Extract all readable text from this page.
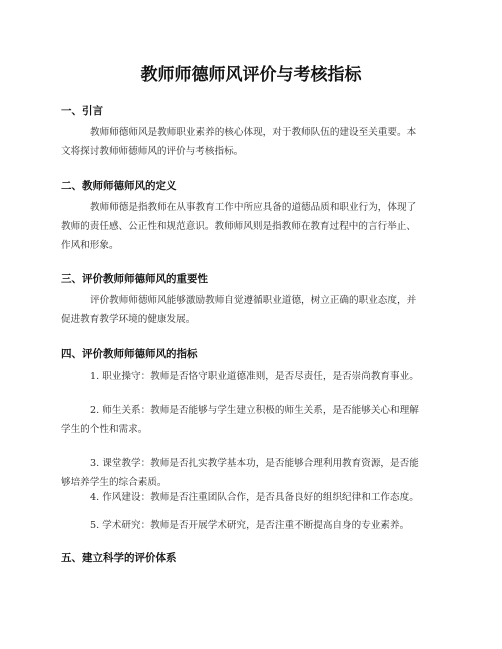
教师师德师风评价与考核指标
一、引言
教师师德师风是教师职业素养的核心体现，对于教师队伍的建设至关重要。本
文将探讨教师师德师风的评价与考核指标。
二、教师师德师风的定义
教师师德是指教师在从事教育工作中所应具备的道德品质和职业行为，体现了
教师的责任感、公正性和规范意识。教师师风则是指教师在教育过程中的言行举止、
作风和形象。
三、评价教师师德师风的重要性
评价教师师德师风能够激励教师自觉遵循职业道德，树立正确的职业态度，并
促进教育教学环境的健康发展。
四、评价教师师德师风的指标
1. 职业操守：教师是否恪守职业道德准则，是否尽责任，是否崇尚教育事业。
2. 师生关系：教师是否能够与学生建立积极的师生关系，是否能够关心和理解
学生的个性和需求。
3. 课堂教学：教师是否扎实教学基本功，是否能够合理利用教育资源，是否能
够培养学生的综合素质。
4. 作风建设：教师是否注重团队合作，是否具备良好的组织纪律和工作态度。
5. 学术研究：教师是否开展学术研究，是否注重不断提高自身的专业素养。
五、建立科学的评价体系
